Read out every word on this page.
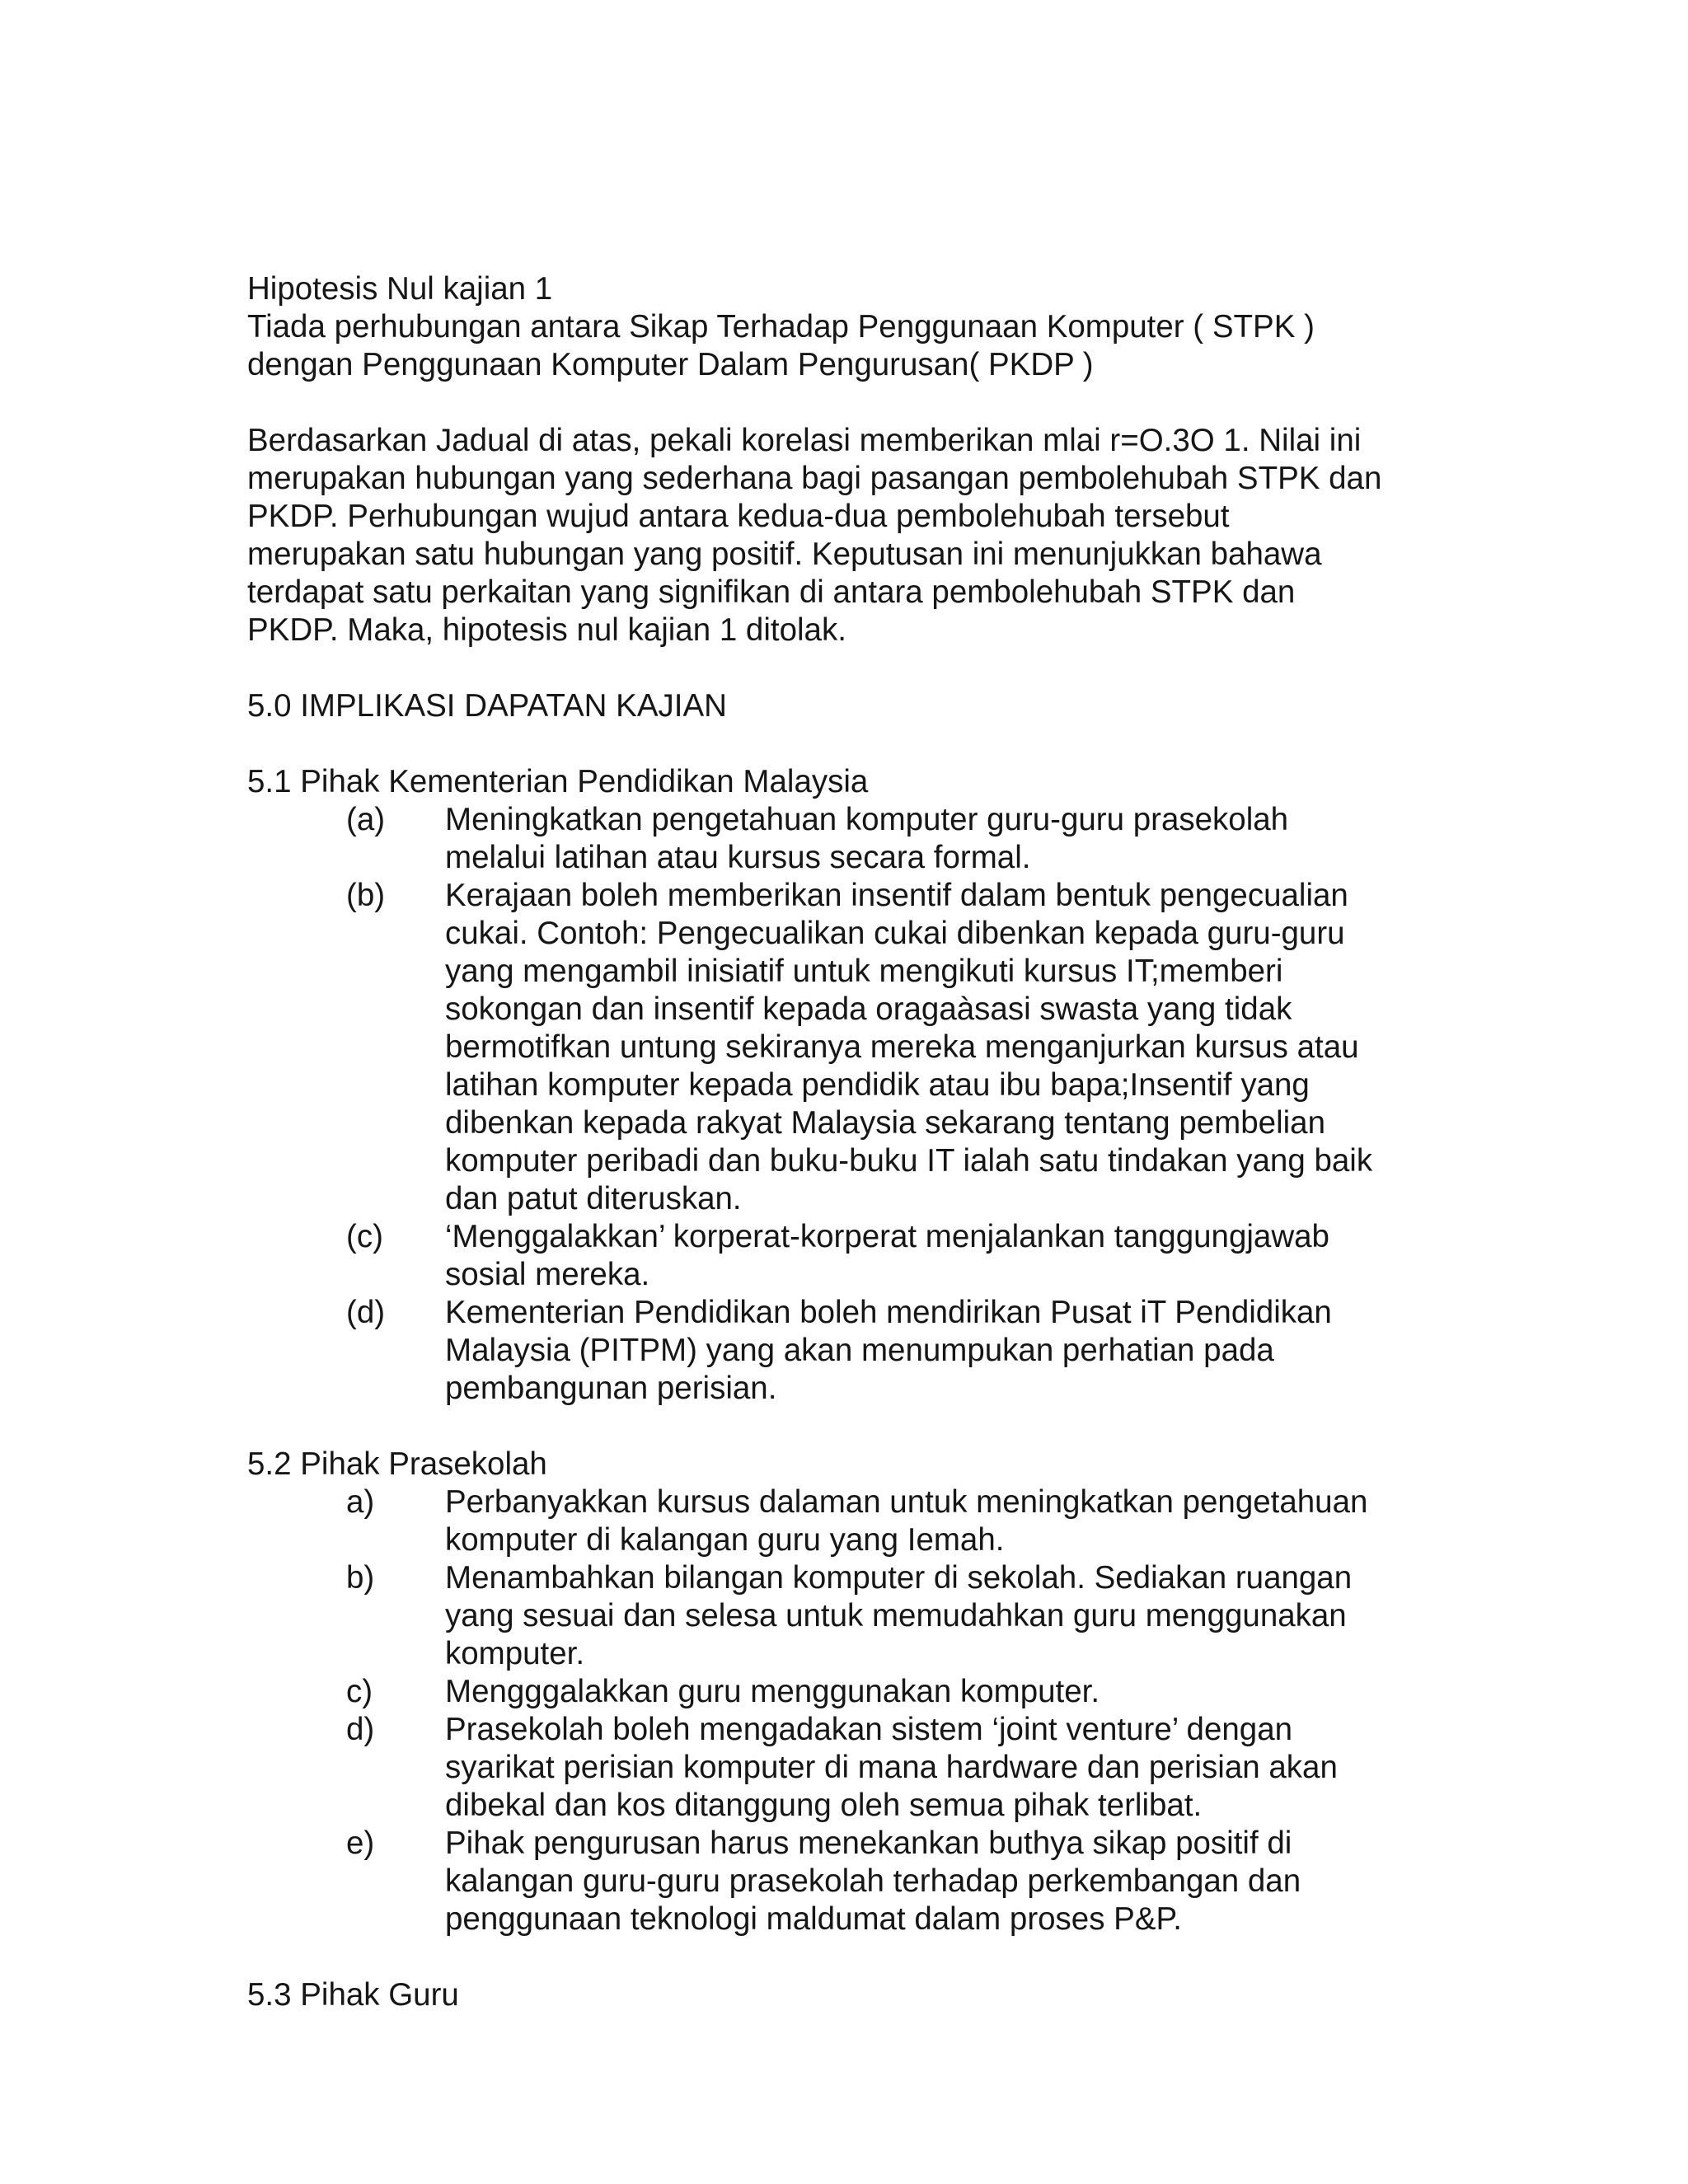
Hipotesis Nul kajian 1
Tiada perhubungan antara Sikap Terhadap Penggunaan Komputer ( STPK )
dengan Penggunaan Komputer Dalam Pengurusan( PKDP )
Berdasarkan Jadual di atas, pekali korelasi memberikan mlai r=O.3O 1. Nilai ini
merupakan hubungan yang sederhana bagi pasangan pembolehubah STPK dan
PKDP. Perhubungan wujud antara kedua-dua pembolehubah tersebut
merupakan satu hubungan yang positif. Keputusan ini menunjukkan bahawa
terdapat satu perkaitan yang signifikan di antara pembolehubah STPK dan
PKDP. Maka, hipotesis nul kajian 1 ditolak.
5.0 IMPLIKASI DAPATAN KAJIAN
5.1 Pihak Kementerian Pendidikan Malaysia
(a)	Meningkatkan pengetahuan komputer guru-guru prasekolah
melalui latihan atau kursus secara formal.
(b)	Kerajaan boleh memberikan insentif dalam bentuk pengecualian
cukai. Contoh: Pengecualikan cukai dibenkan kepada guru-guru
yang mengambil inisiatif untuk mengikuti kursus IT;memberi
sokongan dan insentif kepada oragaàsasi swasta yang tidak
bermotifkan untung sekiranya mereka menganjurkan kursus atau
latihan komputer kepada pendidik atau ibu bapa;Insentif yang
dibenkan kepada rakyat Malaysia sekarang tentang pembelian
komputer peribadi dan buku-buku IT ialah satu tindakan yang baik
dan patut diteruskan.
(c)	‘Menggalakkan’ korperat-korperat menjalankan tanggungjawab
sosial mereka.
(d)	Kementerian Pendidikan boleh mendirikan Pusat iT Pendidikan
Malaysia (PITPM) yang akan menumpukan perhatian pada
pembangunan perisian.
5.2 Pihak Prasekolah
a)	Perbanyakkan kursus dalaman untuk meningkatkan pengetahuan
komputer di kalangan guru yang Iemah.
b)	Menambahkan bilangan komputer di sekolah. Sediakan ruangan
yang sesuai dan selesa untuk memudahkan guru menggunakan
komputer.
c)	Mengggalakkan guru menggunakan komputer.
d)	Prasekolah boleh mengadakan sistem ‘joint venture’ dengan
syarikat perisian komputer di mana hardware dan perisian akan
dibekal dan kos ditanggung oleh semua pihak terlibat.
e)	Pihak pengurusan harus menekankan buthya sikap positif di
kalangan guru-guru prasekolah terhadap perkembangan dan
penggunaan teknologi maldumat dalam proses P&P.
5.3 Pihak Guru
